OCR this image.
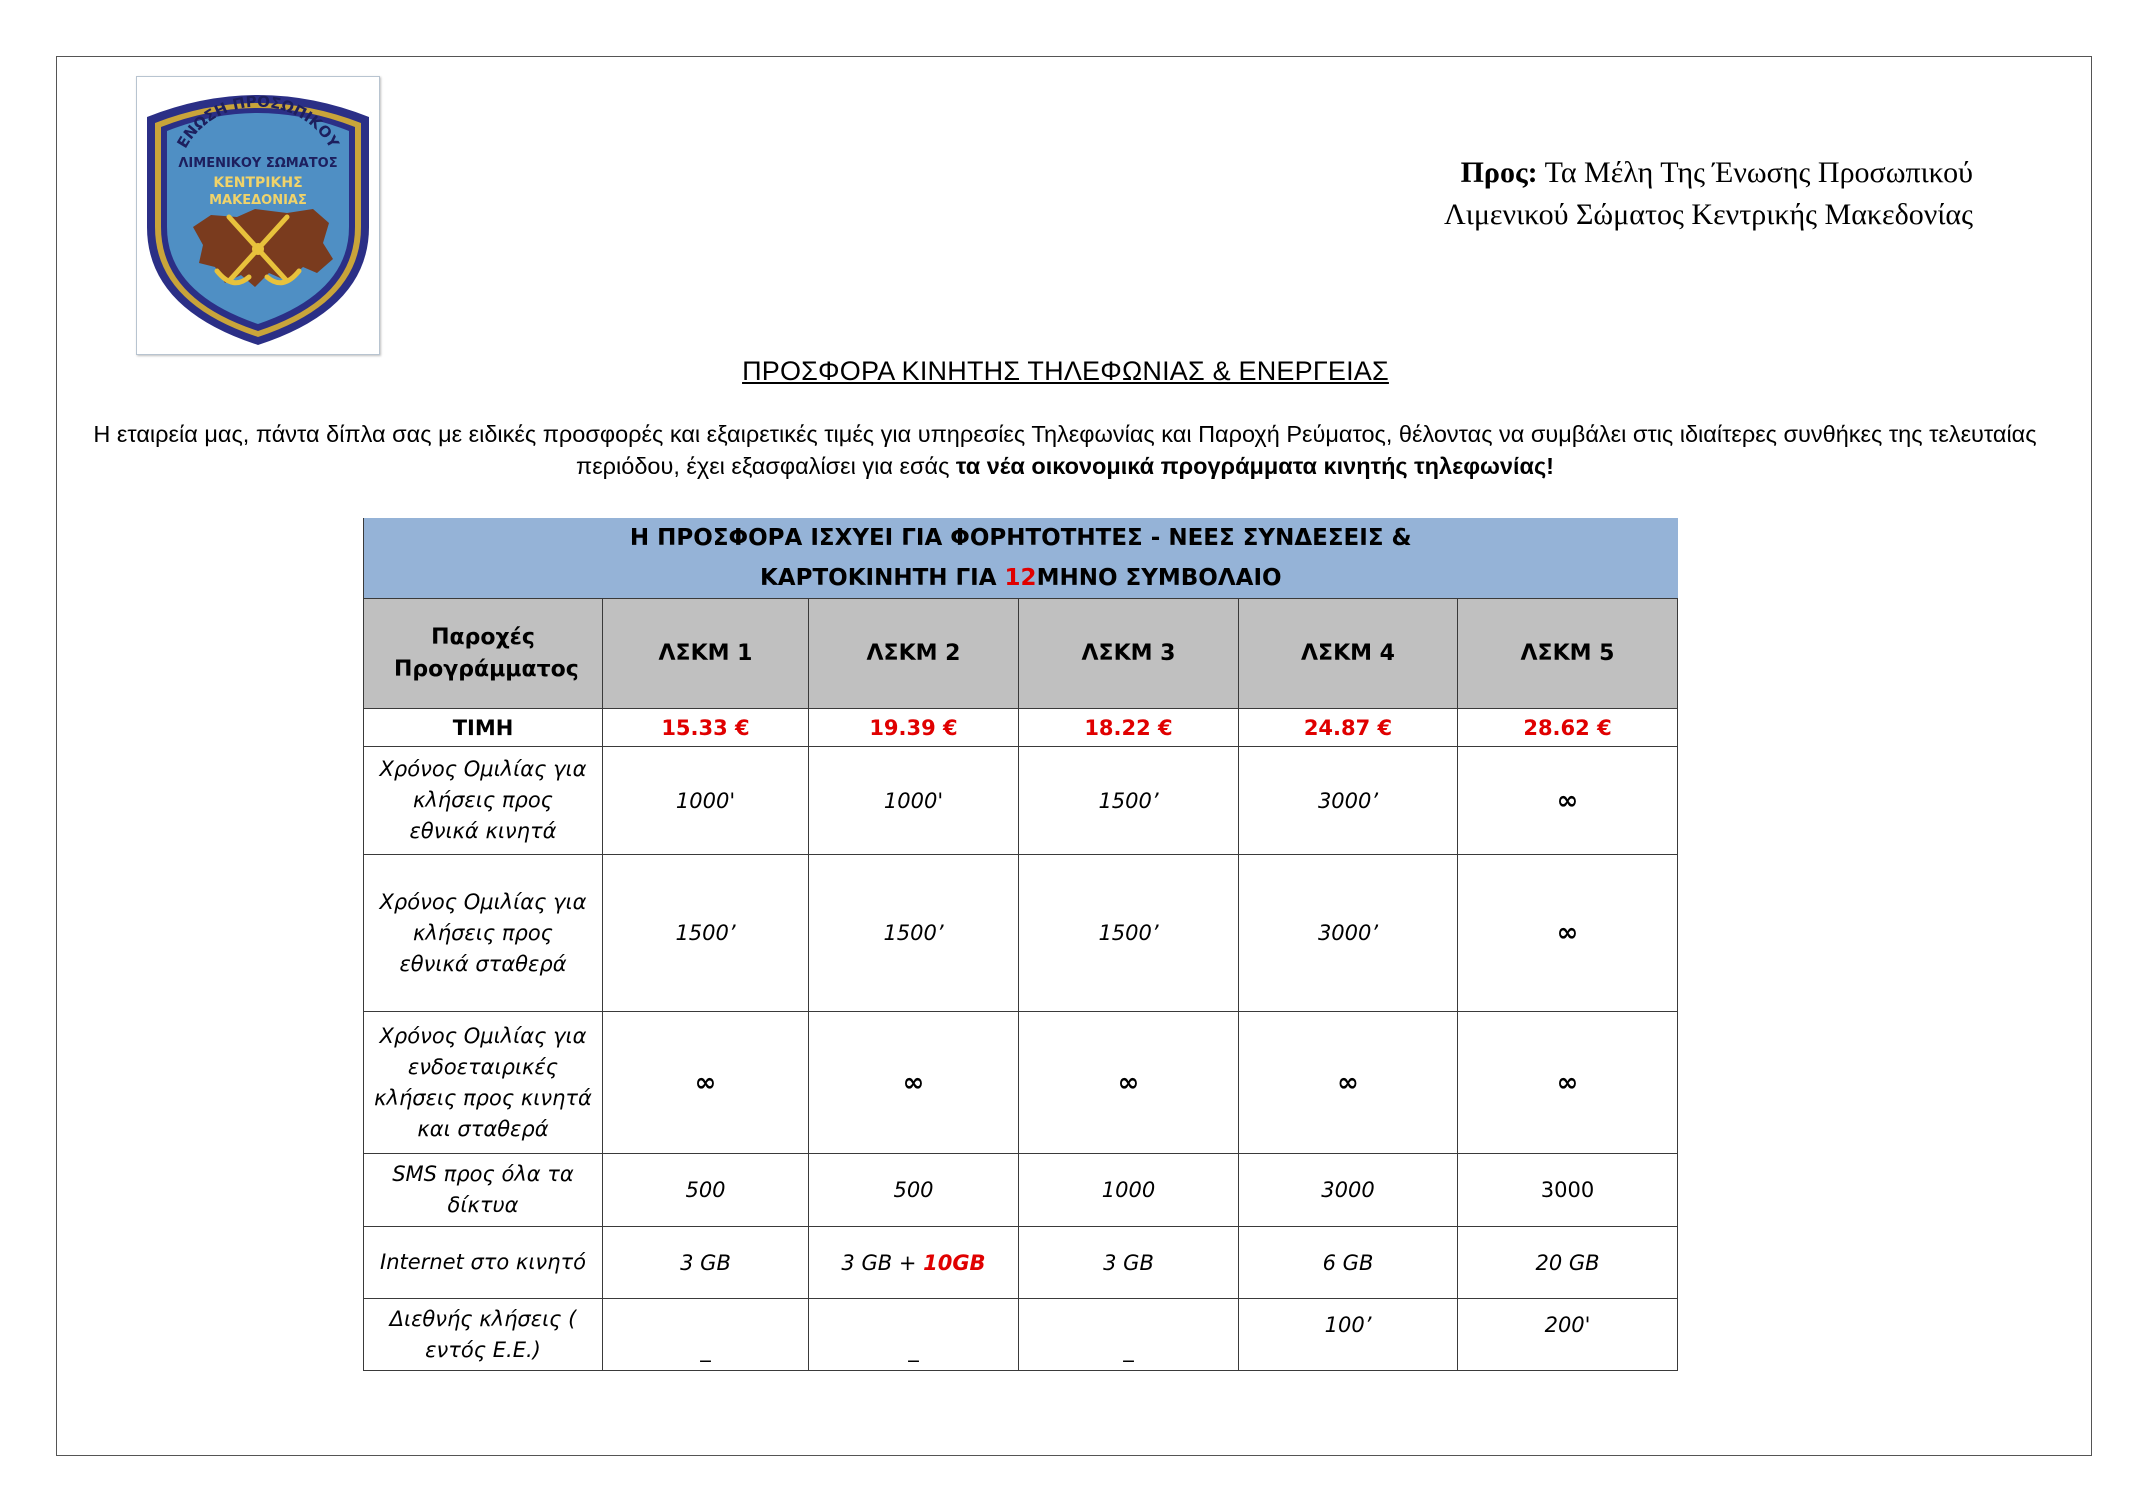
ΕΝΩΣΗ ΠΡΟΣΩΠΙΚΟΥ
ΛΙΜΕΝΙΚΟΥ ΣΩΜΑΤΟΣ
ΚΕΝΤΡΙΚΗΣ
ΜΑΚΕΔΟΝΙΑΣ
Προς: Τα Μέλη Της Ένωσης Προσωπικού
Λιμενικού Σώματος Κεντρικής Μακεδονίας
ΠΡΟΣΦΟΡΑ ΚΙΝΗΤΗΣ ΤΗΛΕΦΩΝΙΑΣ & ΕΝΕΡΓΕΙΑΣ
Η εταιρεία μας, πάντα δίπλα σας με ειδικές προσφορές και εξαιρετικές τιμές για υπηρεσίες Τηλεφωνίας και Παροχή Ρεύματος, θέλοντας να συμβάλει στις ιδιαίτερες συνθήκες της τελευταίας περιόδου, έχει εξασφαλίσει για εσάς τα νέα οικονομικά προγράμματα κινητής τηλεφωνίας!
Η ΠΡΟΣΦΟΡΑ ΙΣΧΥΕΙ ΓΙΑ ΦΟΡΗΤΟΤΗΤΕΣ - ΝΕΕΣ ΣΥΝΔΕΣΕΙΣ &					
ΚΑΡΤΟΚΙΝΗΤΗ ΓΙΑ 12ΜΗΝΟ ΣΥΜΒΟΛΑΙΟ					
Παροχές Προγράμματος	ΛΣΚΜ 1	ΛΣΚΜ 2	ΛΣΚΜ 3	ΛΣΚΜ 4	ΛΣΚΜ 5
ΤΙΜΗ	15.33 €	19.39 €	18.22 €	24.87 €	28.62 €
Χρόνος Ομιλίας για κλήσεις προς εθνικά κινητά	1000'	1000'	1500’	3000’	∞
Χρόνος Ομιλίας για κλήσεις προς εθνικά σταθερά	1500’	1500’	1500’	3000’	∞
Χρόνος Ομιλίας για ενδοεταιρικές κλήσεις προς κινητά και σταθερά	∞	∞	∞	∞	∞
SMS προς όλα τα δίκτυα	500	500	1000	3000	3000
Internet στο κινητό	3 GB	3 GB + 10GB	3 GB	6 GB	20 GB
Διεθνής κλήσεις ( εντός Ε.Ε.)	_	_	_	100’	200'
